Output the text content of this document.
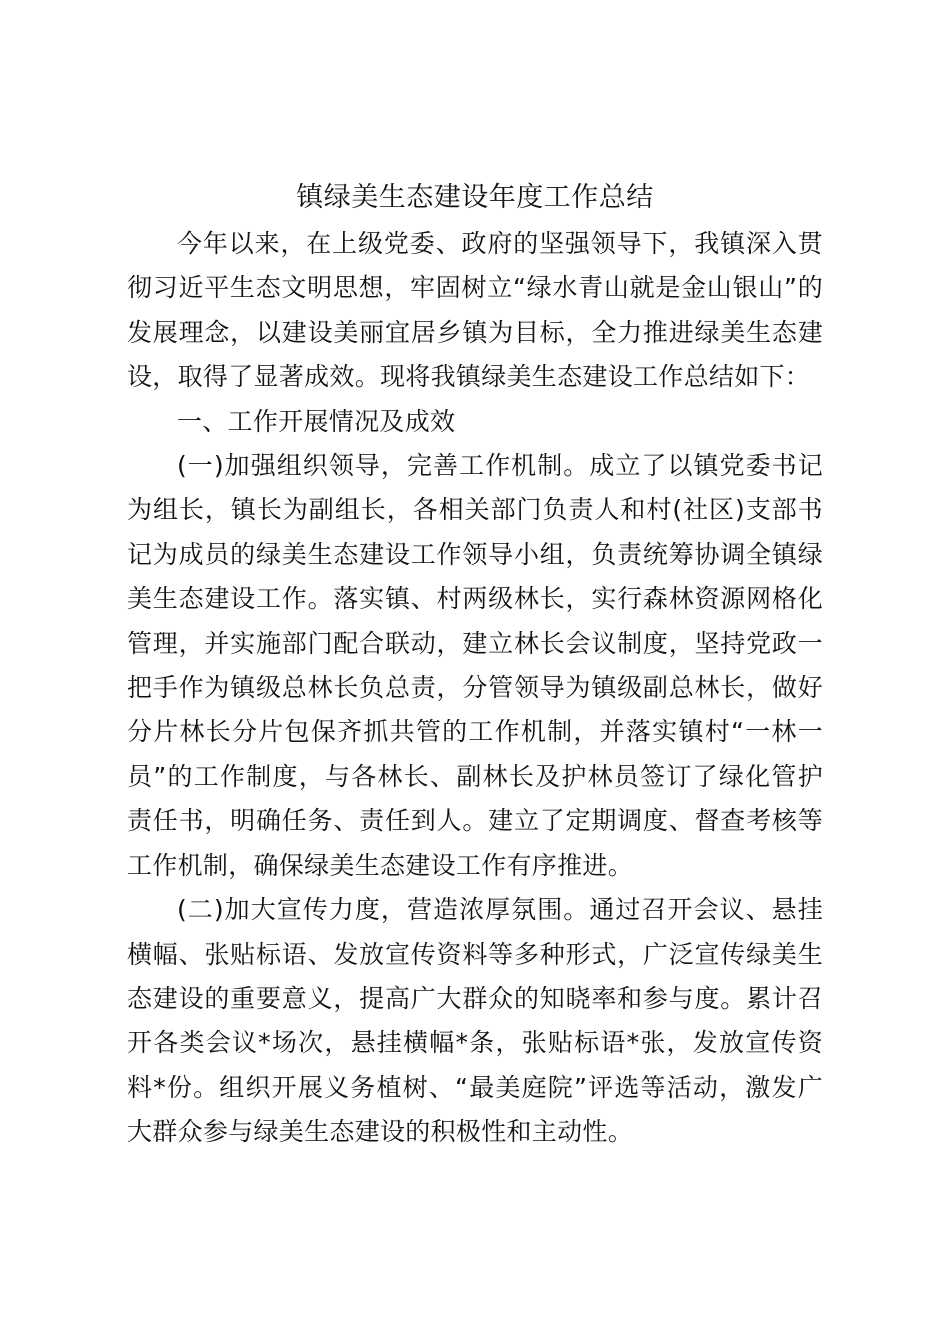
镇绿美生态建设年度工作总结

今年以来，在上级党委、政府的坚强领导下，我镇深入贯彻习近平生态文明思想，牢固树立“绿水青山就是金山银山”的发展理念，以建设美丽宜居乡镇为目标，全力推进绿美生态建设，取得了显著成效。现将我镇绿美生态建设工作总结如下：

一、工作开展情况及成效

(一)加强组织领导，完善工作机制。成立了以镇党委书记为组长，镇长为副组长，各相关部门负责人和村(社区)支部书记为成员的绿美生态建设工作领导小组，负责统筹协调全镇绿美生态建设工作。落实镇、村两级林长，实行森林资源网格化管理，并实施部门配合联动，建立林长会议制度，坚持党政一把手作为镇级总林长负总责，分管领导为镇级副总林长，做好分片林长分片包保齐抓共管的工作机制，并落实镇村“一林一员”的工作制度，与各林长、副林长及护林员签订了绿化管护责任书，明确任务、责任到人。建立了定期调度、督查考核等工作机制，确保绿美生态建设工作有序推进。

(二)加大宣传力度，营造浓厚氛围。通过召开会议、悬挂横幅、张贴标语、发放宣传资料等多种形式，广泛宣传绿美生态建设的重要意义，提高广大群众的知晓率和参与度。累计召开各类会议*场次，悬挂横幅*条，张贴标语*张，发放宣传资料*份。组织开展义务植树、“最美庭院”评选等活动，激发广大群众参与绿美生态建设的积极性和主动性。
